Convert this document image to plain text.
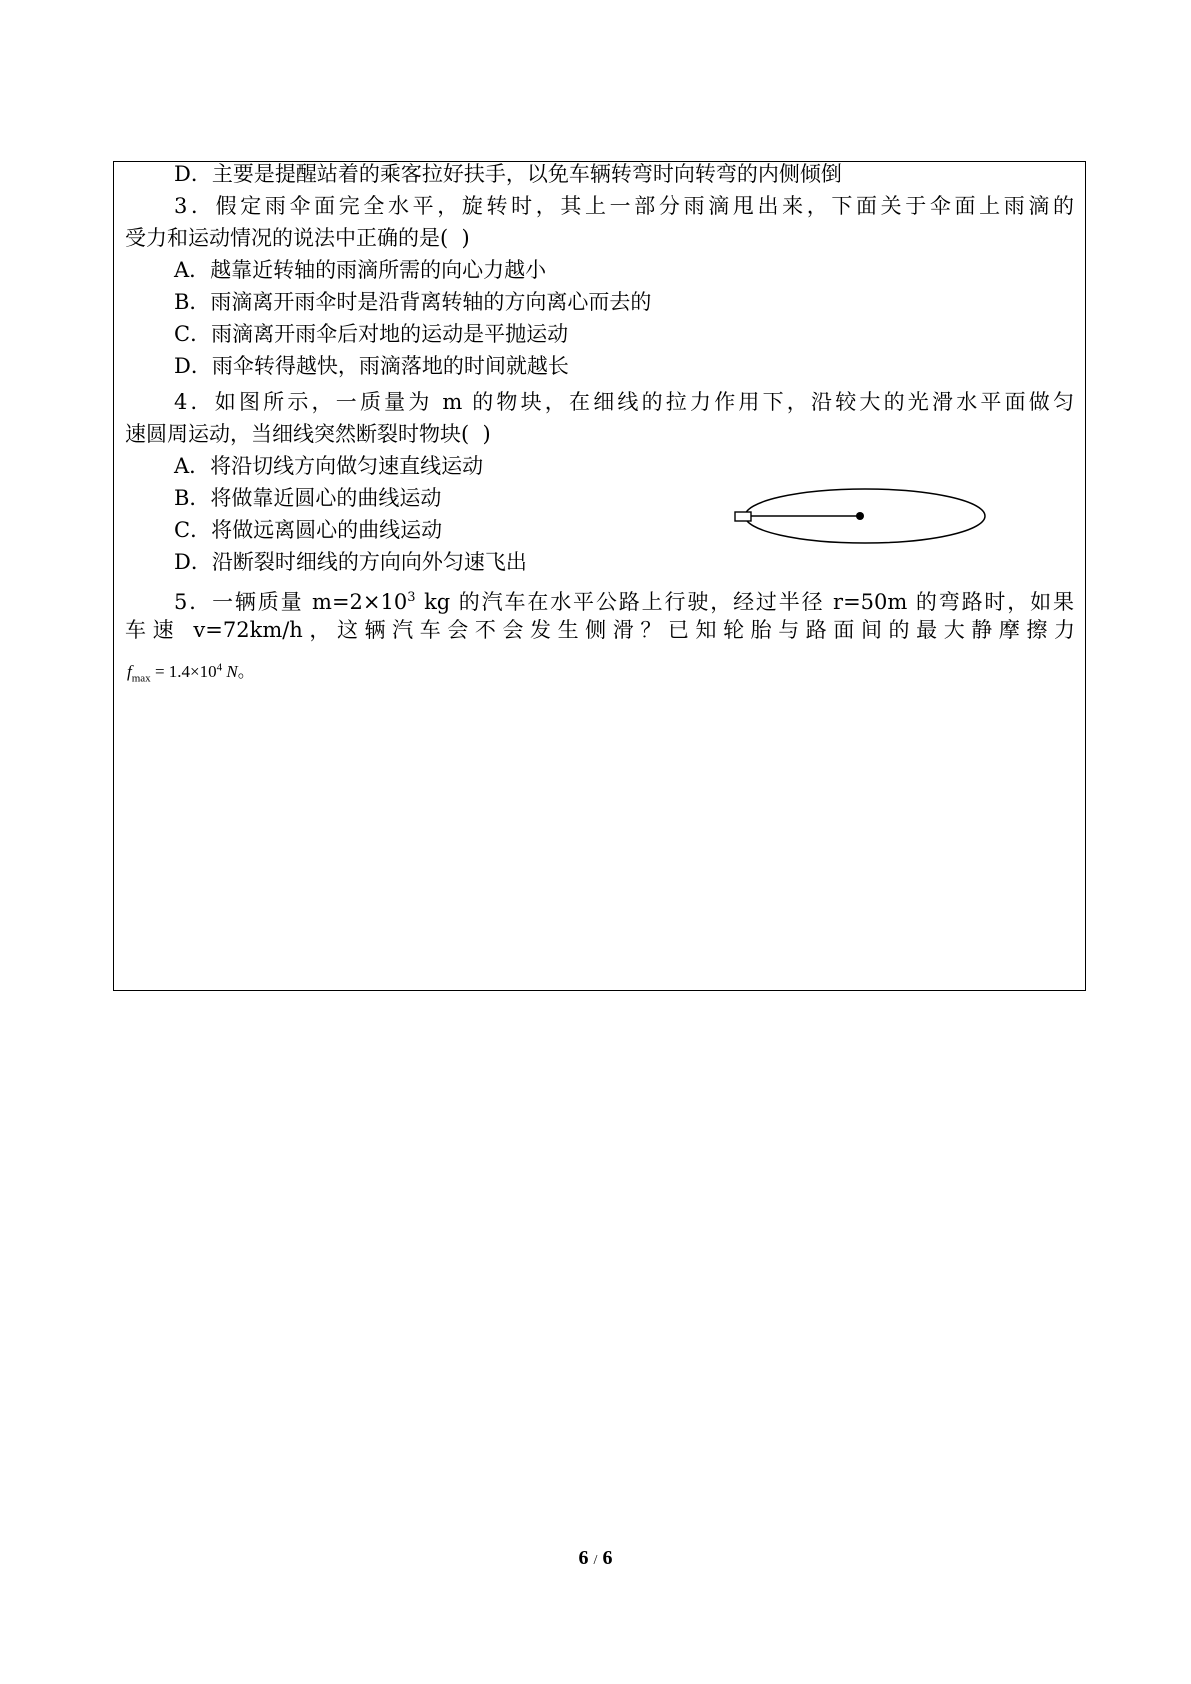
D．主要是提醒站着的乘客拉好扶手，以免车辆转弯时向转弯的内侧倾倒
3．假定雨伞面完全水平，旋转时，其上一部分雨滴甩出来，下面关于伞面上雨滴的
受力和运动情况的说法中正确的是(  )
A．越靠近转轴的雨滴所需的向心力越小
B．雨滴离开雨伞时是沿背离转轴的方向离心而去的
C．雨滴离开雨伞后对地的运动是平抛运动
D．雨伞转得越快，雨滴落地的时间就越长
4．如图所示，一质量为 m 的物块，在细线的拉力作用下，沿较大的光滑水平面做匀
速圆周运动，当细线突然断裂时物块(  )
A．将沿切线方向做匀速直线运动
B．将做靠近圆心的曲线运动
C．将做远离圆心的曲线运动
D．沿断裂时细线的方向向外匀速飞出
5．一辆质量 $m=2\times 10^3$ kg 的汽车在水平公路上行驶，经过半径 r=50m 的弯路时，如果
车速 v=72km/h，这辆汽车会不会发生侧滑？已知轮胎与路面间的最大静摩擦力
$f_{max} = 1.4\times 10^4$ N。
6 / 6
